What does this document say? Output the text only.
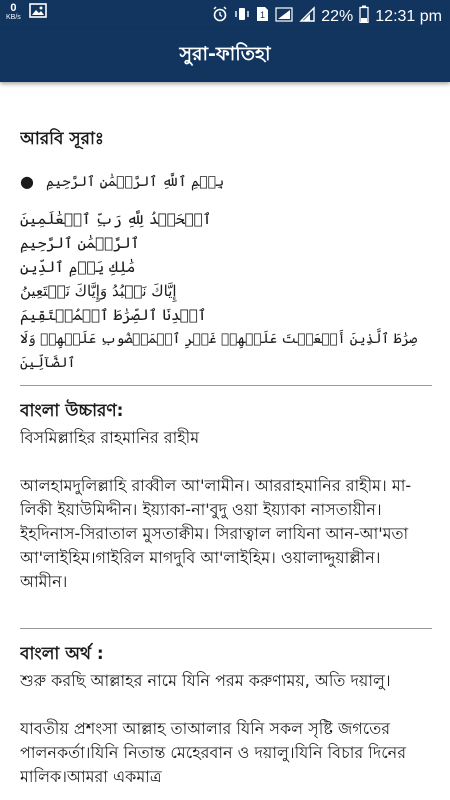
0
KB/s	1	22% 12:31 pm
সুরা-ফাতিহা
আরবি সূরাঃ
● بِسۡمِ ٱللَّهِ ٱلرَّحۡمَٰنِ ٱلرَّحِيمِ
ٱلۡحَمۡدُ لِلَّهِ رَبِّ ٱلۡعَٰلَمِينَ
ٱلرَّحۡمَٰنِ ٱلرَّحِيمِ
مَٰلِكِ يَوۡمِ ٱلدِّينِ
إِيَّاكَ نَعۡبُدُ وَإِيَّاكَ نَسۡتَعِينُ
ٱهۡدِنَا ٱلصِّرَٰطَ ٱلۡمُسۡتَقِيمَ
صِرَٰطَ ٱلَّذِينَ أَنۡعَمۡتَ عَلَيۡهِمۡ غَيۡرِ ٱلۡمَغۡضُوبِ عَلَيۡهِمۡ وَلَا ٱلضَّآلِّينَ
বাংলা উচ্চারণ:

বিসমিল্লাহির রাহমানির রাহীম

আলহামদুলিল্লাহি রাব্বীল আ'লামীন। আররাহমানির রাহীম। মা-লিকী ইয়াউমিদ্দীন। ইয়্যাকা-না'বুদু ওয়া ইয়্যাকা নাসতায়ীন। ইহদিনাস-সিরাতাল মুসতাক্বীম। সিরাত্বাল লাযিনা আন-আ'মতা আ'লাইহিম।গাইরিল মাগদুবি আ'লাইহিম। ওয়ালাদ্দুয়াল্লীন। আমীন।

বাংলা অর্থ :

শুরু করছি আল্লাহর নামে যিনি পরম করুণাময়, অতি দয়ালু।

যাবতীয় প্রশংসা আল্লাহ তাআলার যিনি সকল সৃষ্টি জগতের পালনকর্তা।যিনি নিতান্ত মেহেরবান ও দয়ালু।যিনি বিচার দিনের মালিক।আমরা একমাত্র
